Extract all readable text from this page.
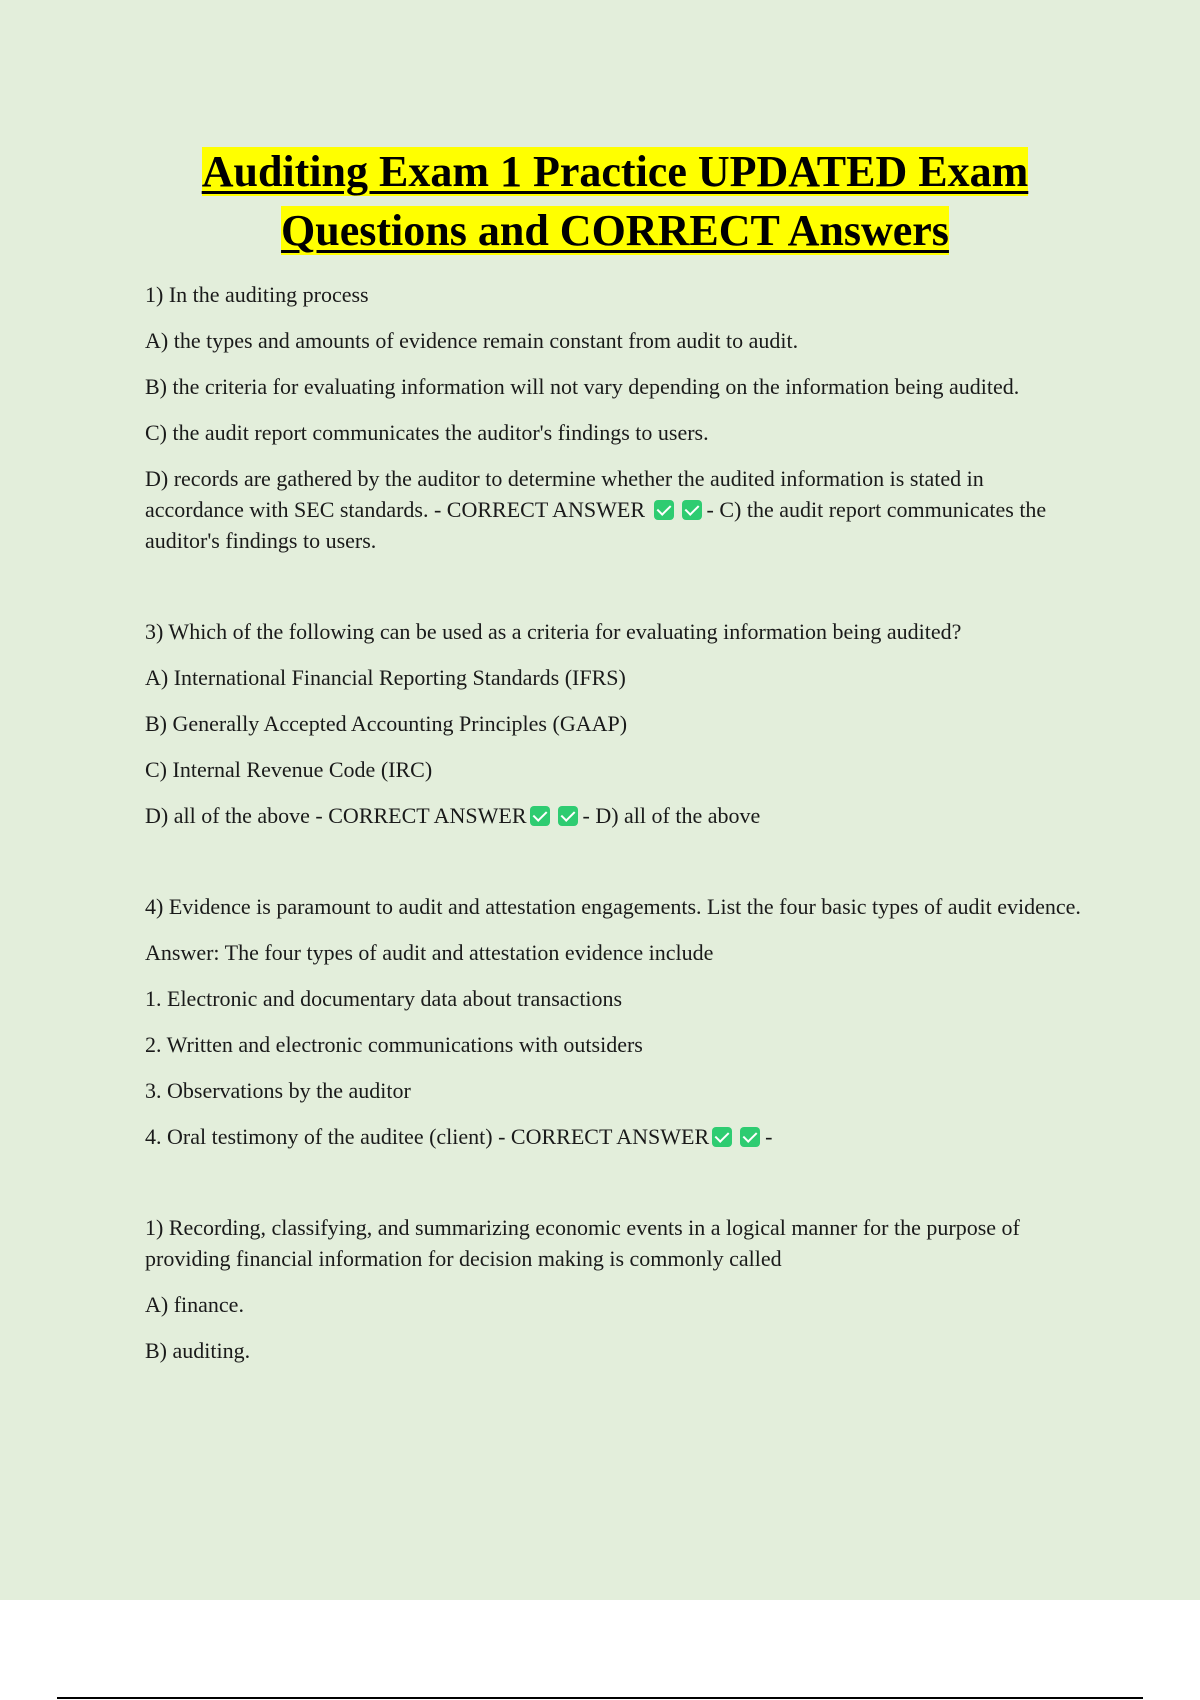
Auditing Exam 1 Practice UPDATED Exam Questions and CORRECT Answers

1) In the auditing process

A) the types and amounts of evidence remain constant from audit to audit.

B) the criteria for evaluating information will not vary depending on the information being audited.

C) the audit report communicates the auditor's findings to users.

D) records are gathered by the auditor to determine whether the audited information is stated in accordance with SEC standards. - CORRECT ANSWER	- C) the audit report communicates the auditor's findings to users.

3) Which of the following can be used as a criteria for evaluating information being audited?

A) International Financial Reporting Standards (IFRS)

B) Generally Accepted Accounting Principles (GAAP)

C) Internal Revenue Code (IRC)

D) all of the above - CORRECT ANSWER	- D) all of the above

4) Evidence is paramount to audit and attestation engagements. List the four basic types of audit evidence.

Answer: The four types of audit and attestation evidence include

1. Electronic and documentary data about transactions

2. Written and electronic communications with outsiders

3. Observations by the auditor

4. Oral testimony of the auditee (client) - CORRECT ANSWER	-

1) Recording, classifying, and summarizing economic events in a logical manner for the purpose of providing financial information for decision making is commonly called

A) finance.

B) auditing.
